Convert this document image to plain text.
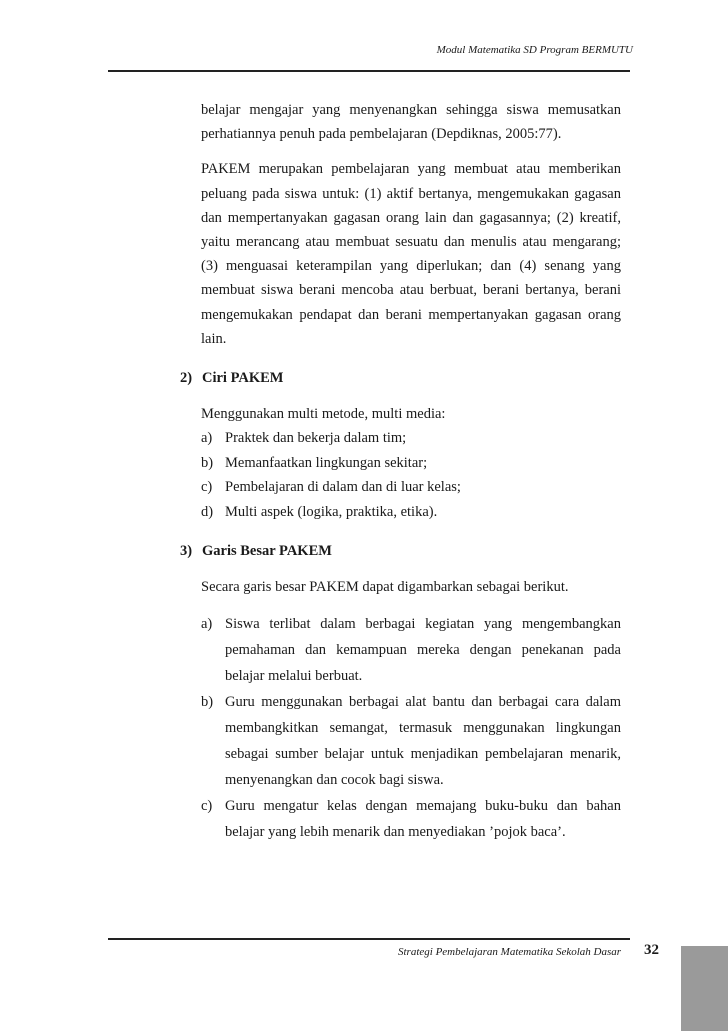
Modul Matematika SD Program BERMUTU

belajar mengajar yang menyenangkan sehingga siswa memusatkan perhatiannya penuh pada pembelajaran (Depdiknas, 2005:77).

PAKEM merupakan pembelajaran yang membuat atau memberikan peluang pada siswa untuk: (1) aktif bertanya, mengemukakan gagasan dan mempertanyakan gagasan orang lain dan gagasannya; (2) kreatif, yaitu merancang atau membuat sesuatu dan menulis atau mengarang; (3) menguasai keterampilan yang diperlukan; dan (4) senang yang membuat siswa berani mencoba atau berbuat, berani bertanya, berani mengemukakan pendapat dan berani mempertanyakan gagasan orang lain.

2) Ciri PAKEM

Menggunakan multi metode, multi media:

a) Praktek dan bekerja dalam tim;
b) Memanfaatkan lingkungan sekitar;
c) Pembelajaran di dalam dan di luar kelas;
d) Multi aspek (logika, praktika, etika).
3) Garis Besar PAKEM

Secara garis besar PAKEM dapat digambarkan sebagai berikut.

a) Siswa terlibat dalam berbagai kegiatan yang mengembangkan pemahaman dan kemampuan mereka dengan penekanan pada belajar melalui berbuat.
b) Guru menggunakan berbagai alat bantu dan berbagai cara dalam membangkitkan semangat, termasuk menggunakan lingkungan sebagai sumber belajar untuk menjadikan pembelajaran menarik, menyenangkan dan cocok bagi siswa.
c) Guru mengatur kelas dengan memajang buku-buku dan bahan belajar yang lebih menarik dan menyediakan ’pojok baca’.
Strategi Pembelajaran Matematika Sekolah Dasar 32
